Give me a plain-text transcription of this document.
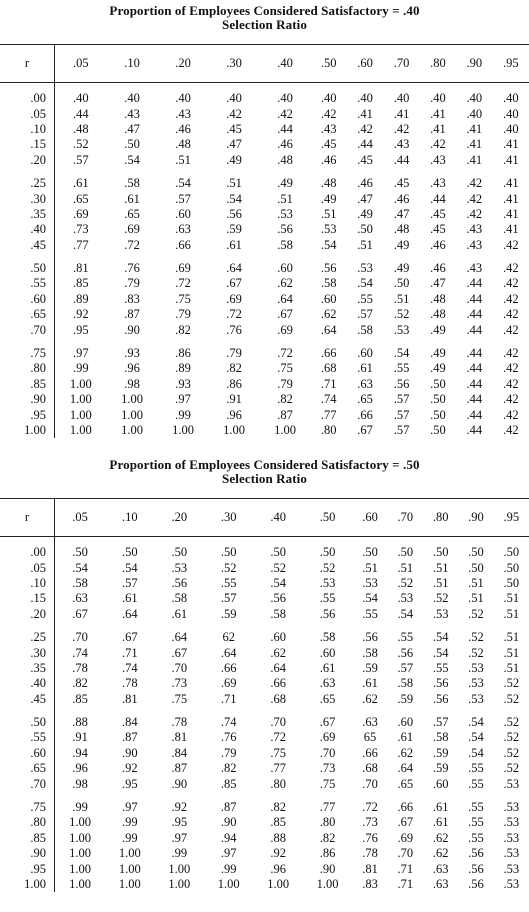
Proportion of Employees Considered Satisfactory = .40
Selection Ratio
r	.05	.10	.20	.30	.40	.50	.60	.70	.80	.90	.95

.00	.40	.40	.40	.40	.40	.40	.40	.40	.40	.40	.40
.05	.44	.43	.43	.42	.42	.42	.41	.41	.41	.40	.40
.10	.48	.47	.46	.45	.44	.43	.42	.42	.41	.41	.40
.15	.52	.50	.48	.47	.46	.45	.44	.43	.42	.41	.41
.20	.57	.54	.51	.49	.48	.46	.45	.44	.43	.41	.41

.25	.61	.58	.54	.51	.49	.48	.46	.45	.43	.42	.41
.30	.65	.61	.57	.54	.51	.49	.47	.46	.44	.42	.41
.35	.69	.65	.60	.56	.53	.51	.49	.47	.45	.42	.41
.40	.73	.69	.63	.59	.56	.53	.50	.48	.45	.43	.41
.45	.77	.72	.66	.61	.58	.54	.51	.49	.46	.43	.42

.50	.81	.76	.69	.64	.60	.56	.53	.49	.46	.43	.42
.55	.85	.79	.72	.67	.62	.58	.54	.50	.47	.44	.42
.60	.89	.83	.75	.69	.64	.60	.55	.51	.48	.44	.42
.65	.92	.87	.79	.72	.67	.62	.57	.52	.48	.44	.42
.70	.95	.90	.82	.76	.69	.64	.58	.53	.49	.44	.42

.75	.97	.93	.86	.79	.72	.66	.60	.54	.49	.44	.42
.80	.99	.96	.89	.82	.75	.68	.61	.55	.49	.44	.42
.85	1.00	.98	.93	.86	.79	.71	.63	.56	.50	.44	.42
.90	1.00	1.00	.97	.91	.82	.74	.65	.57	.50	.44	.42
.95	1.00	1.00	.99	.96	.87	.77	.66	.57	.50	.44	.42
1.00	1.00	1.00	1.00	1.00	1.00	.80	.67	.57	.50	.44	.42
Proportion of Employees Considered Satisfactory = .50
Selection Ratio
r	.05	.10	.20	.30	.40	.50	.60	.70	.80	.90	.95

.00	.50	.50	.50	.50	.50	.50	.50	.50	.50	.50	.50
.05	.54	.54	.53	.52	.52	.52	.51	.51	.51	.50	.50
.10	.58	.57	.56	.55	.54	.53	.53	.52	.51	.51	.50
.15	.63	.61	.58	.57	.56	.55	.54	.53	.52	.51	.51
.20	.67	.64	.61	.59	.58	.56	.55	.54	.53	.52	.51

.25	.70	.67	.64	62	.60	.58	.56	.55	.54	.52	.51
.30	.74	.71	.67	.64	.62	.60	.58	.56	.54	.52	.51
.35	.78	.74	.70	.66	.64	.61	.59	.57	.55	.53	.51
.40	.82	.78	.73	.69	.66	.63	.61	.58	.56	.53	.52
.45	.85	.81	.75	.71	.68	.65	.62	.59	.56	.53	.52

.50	.88	.84	.78	.74	.70	.67	.63	.60	.57	.54	.52
.55	.91	.87	.81	.76	.72	.69	65	.61	.58	.54	.52
.60	.94	.90	.84	.79	.75	.70	.66	.62	.59	.54	.52
.65	.96	.92	.87	.82	.77	.73	.68	.64	.59	.55	.52
.70	.98	.95	.90	.85	.80	.75	.70	.65	.60	.55	.53

.75	.99	.97	.92	.87	.82	.77	.72	.66	.61	.55	.53
.80	1.00	.99	.95	.90	.85	.80	.73	.67	.61	.55	.53
.85	1.00	.99	.97	.94	.88	.82	.76	.69	.62	.55	.53
.90	1.00	1.00	.99	.97	.92	.86	.78	.70	.62	.56	.53
.95	1.00	1.00	1.00	.99	.96	.90	.81	.71	.63	.56	.53
1.00	1.00	1.00	1.00	1.00	1.00	1.00	.83	.71	.63	.56	.53
